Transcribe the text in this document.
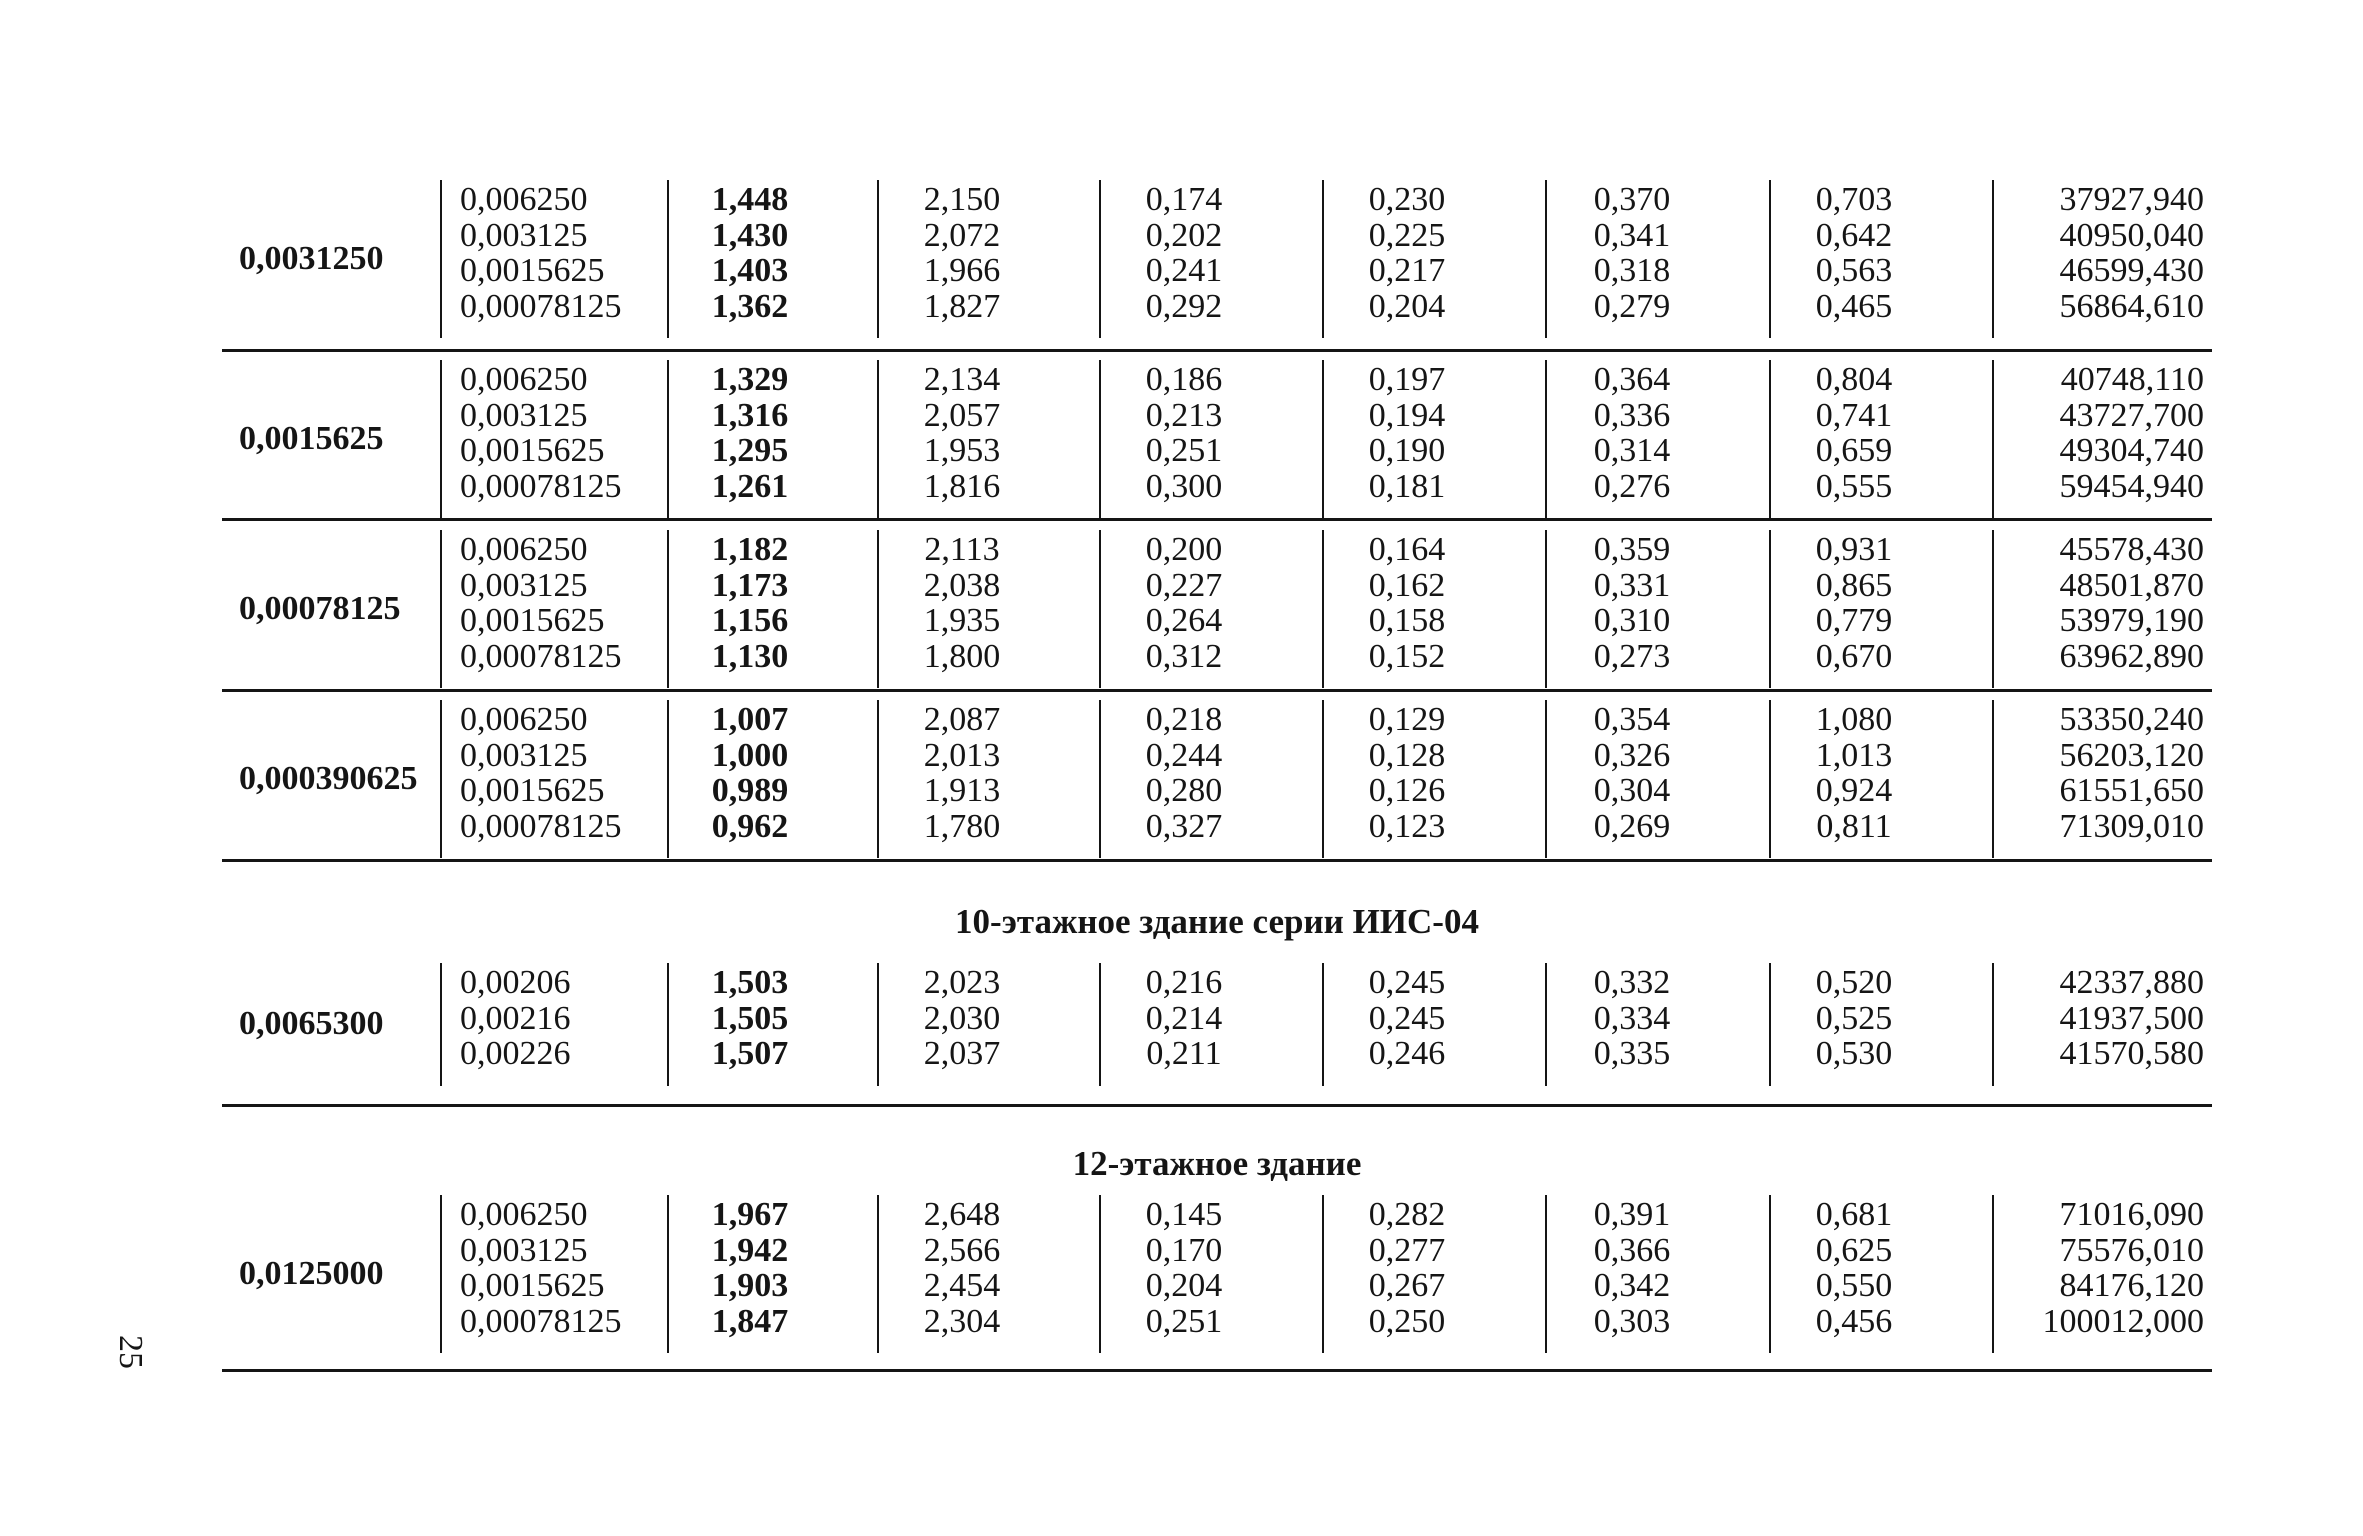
0,0031250
0,006250
0,003125
0,0015625
0,00078125
1,448
1,430
1,403
1,362
2,150
2,072
1,966
1,827
0,174
0,202
0,241
0,292
0,230
0,225
0,217
0,204
0,370
0,341
0,318
0,279
0,703
0,642
0,563
0,465
37927,940
40950,040
46599,430
56864,610
0,0015625
0,006250
0,003125
0,0015625
0,00078125
1,329
1,316
1,295
1,261
2,134
2,057
1,953
1,816
0,186
0,213
0,251
0,300
0,197
0,194
0,190
0,181
0,364
0,336
0,314
0,276
0,804
0,741
0,659
0,555
40748,110
43727,700
49304,740
59454,940
0,00078125
0,006250
0,003125
0,0015625
0,00078125
1,182
1,173
1,156
1,130
2,113
2,038
1,935
1,800
0,200
0,227
0,264
0,312
0,164
0,162
0,158
0,152
0,359
0,331
0,310
0,273
0,931
0,865
0,779
0,670
45578,430
48501,870
53979,190
63962,890
0,000390625
0,006250
0,003125
0,0015625
0,00078125
1,007
1,000
0,989
0,962
2,087
2,013
1,913
1,780
0,218
0,244
0,280
0,327
0,129
0,128
0,126
0,123
0,354
0,326
0,304
0,269
1,080
1,013
0,924
0,811
53350,240
56203,120
61551,650
71309,010
10-этажное здание серии ИИС-04
0,0065300
0,00206
0,00216
0,00226
1,503
1,505
1,507
2,023
2,030
2,037
0,216
0,214
0,211
0,245
0,245
0,246
0,332
0,334
0,335
0,520
0,525
0,530
42337,880
41937,500
41570,580
12-этажное здание
0,0125000
0,006250
0,003125
0,0015625
0,00078125
1,967
1,942
1,903
1,847
2,648
2,566
2,454
2,304
0,145
0,170
0,204
0,251
0,282
0,277
0,267
0,250
0,391
0,366
0,342
0,303
0,681
0,625
0,550
0,456
71016,090
75576,010
84176,120
100012,000
25
